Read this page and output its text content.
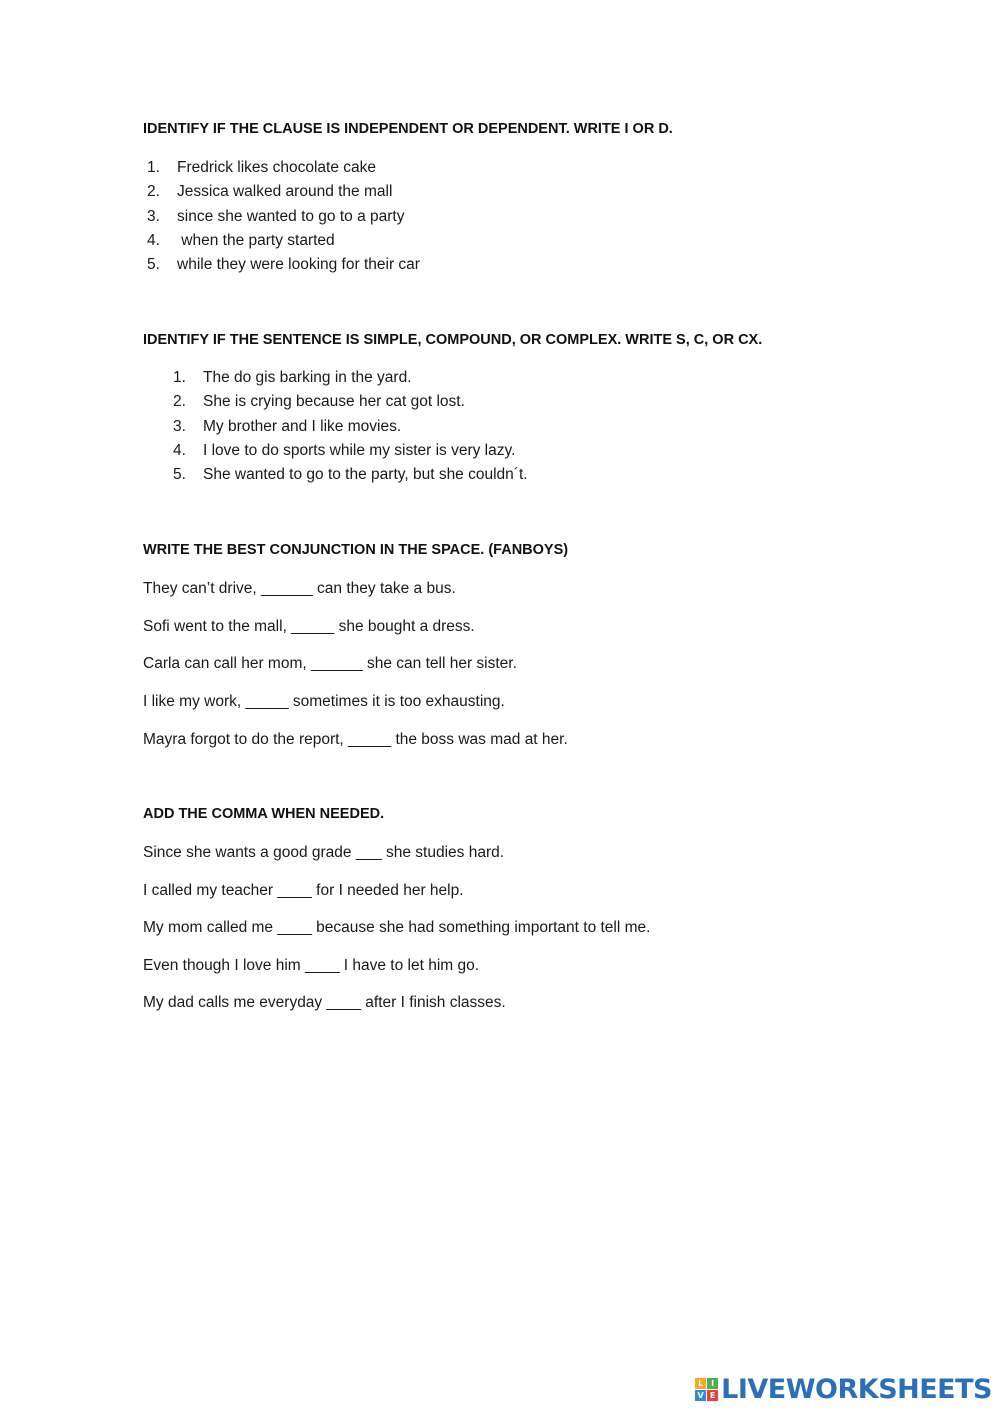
IDENTIFY IF THE CLAUSE IS INDEPENDENT OR DEPENDENT. WRITE I OR D.
1.	Fredrick likes chocolate cake
2.	Jessica walked around the mall
3.	since she wanted to go to a party
4.	when the party started
5.	while they were looking for their car
IDENTIFY IF THE SENTENCE IS SIMPLE, COMPOUND, OR COMPLEX. WRITE S, C, OR CX.
1.	The do gis barking in the yard.
2.	She is crying because her cat got lost.
3.	My brother and I like movies.
4.	I love to do sports while my sister is very lazy.
5.	She wanted to go to the party, but she couldn´t.
WRITE THE BEST CONJUNCTION IN THE SPACE. (FANBOYS)
They can’t drive, ______ can they take a bus.
Sofi went to the mall, _____ she bought a dress.
Carla can call her mom, ______ she can tell her sister.
I like my work, _____ sometimes it is too exhausting.
Mayra forgot to do the report, _____ the boss was mad at her.
ADD THE COMMA WHEN NEEDED.
Since she wants a good grade ___ she studies hard.
I called my teacher ____ for I needed her help.
My mom called me ____ because she had something important to tell me.
Even though I love him ____ I have to let him go.
My dad calls me everyday ____ after I finish classes.
L I
V E LIVEWORKSHEETS
